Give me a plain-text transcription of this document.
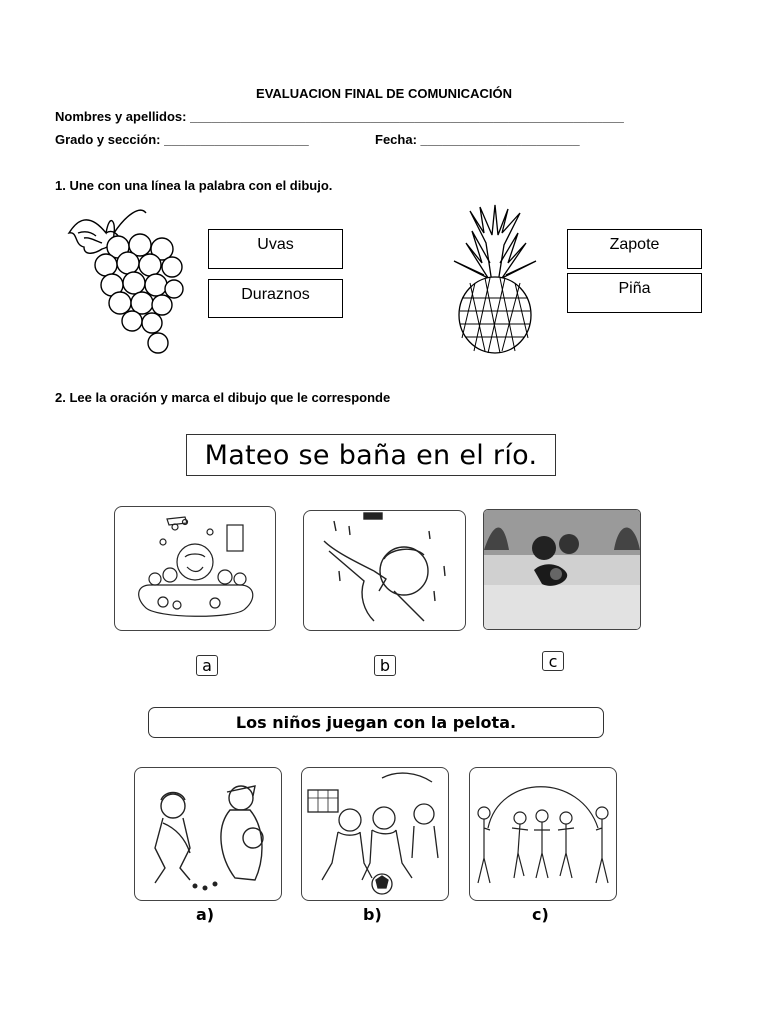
EVALUACION FINAL DE COMUNICACIÓN
Nombres y apellidos: ____________________________________________________________
Grado y sección: ____________________	Fecha: ______________________
1. Une con una línea la palabra con el dibujo.
Uvas
Duraznos
Zapote
Piña
2. Lee la oración y marca el dibujo que le corresponde
Mateo se baña en el río.
a	b	c
Los niños juegan con la pelota.
a)	b)	c)
